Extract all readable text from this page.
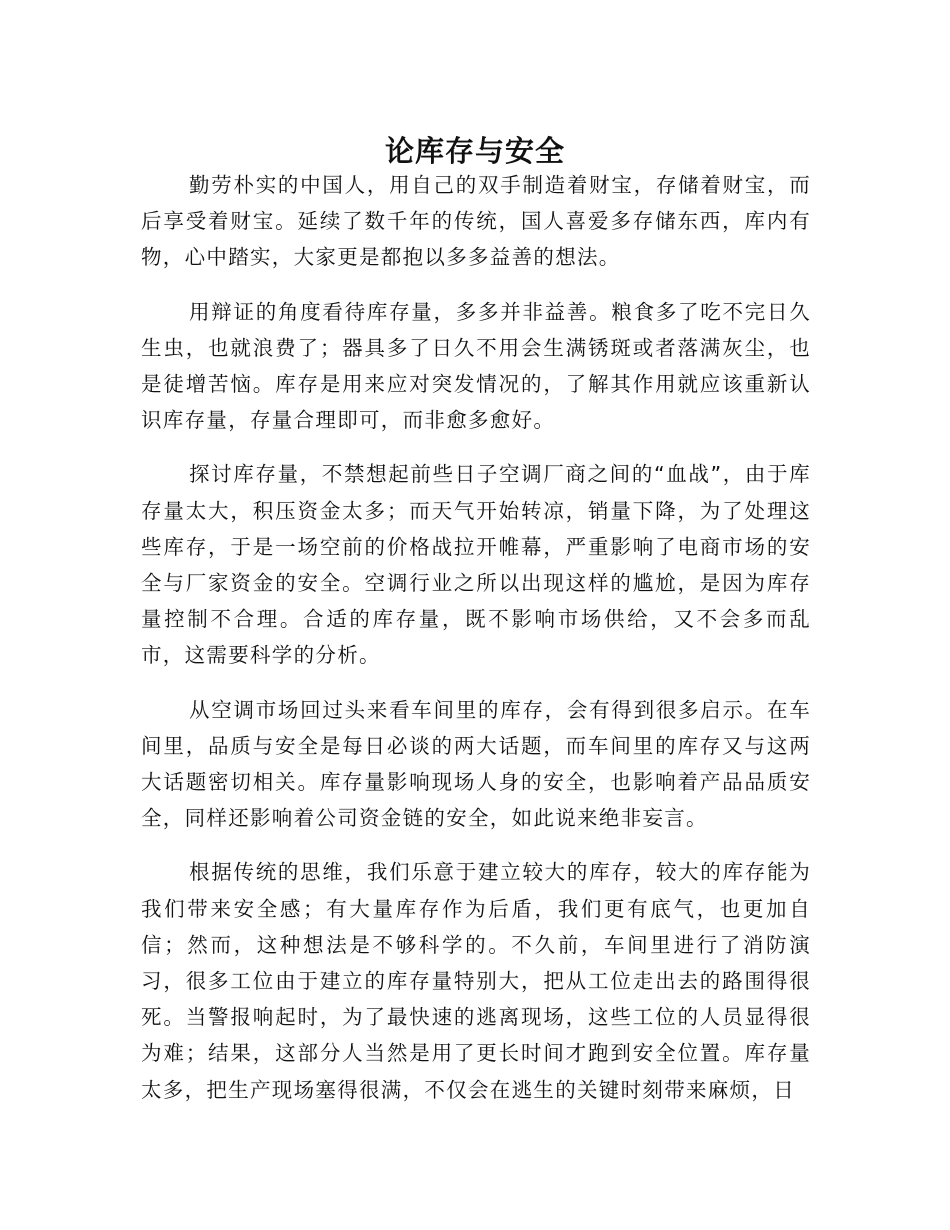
论库存与安全

勤劳朴实的中国人，用自己的双手制造着财宝，存储着财宝，而后享受着财宝。延续了数千年的传统，国人喜爱多存储东西，库内有物，心中踏实，大家更是都抱以多多益善的想法。

用辩证的角度看待库存量，多多并非益善。粮食多了吃不完日久生虫，也就浪费了；器具多了日久不用会生满锈斑或者落满灰尘，也是徒增苦恼。库存是用来应对突发情况的，了解其作用就应该重新认识库存量，存量合理即可，而非愈多愈好。

探讨库存量，不禁想起前些日子空调厂商之间的“血战”，由于库存量太大，积压资金太多；而天气开始转凉，销量下降，为了处理这些库存，于是一场空前的价格战拉开帷幕，严重影响了电商市场的安全与厂家资金的安全。空调行业之所以出现这样的尴尬，是因为库存量控制不合理。合适的库存量，既不影响市场供给，又不会多而乱市，这需要科学的分析。

从空调市场回过头来看车间里的库存，会有得到很多启示。在车间里，品质与安全是每日必谈的两大话题，而车间里的库存又与这两大话题密切相关。库存量影响现场人身的安全，也影响着产品品质安全，同样还影响着公司资金链的安全，如此说来绝非妄言。

根据传统的思维，我们乐意于建立较大的库存，较大的库存能为我们带来安全感；有大量库存作为后盾，我们更有底气，也更加自信；然而，这种想法是不够科学的。不久前，车间里进行了消防演习，很多工位由于建立的库存量特别大，把从工位走出去的路围得很死。当警报响起时，为了最快速的逃离现场，这些工位的人员显得很为难；结果，这部分人当然是用了更长时间才跑到安全位置。库存量太多，把生产现场塞得很满，不仅会在逃生的关键时刻带来麻烦，日
